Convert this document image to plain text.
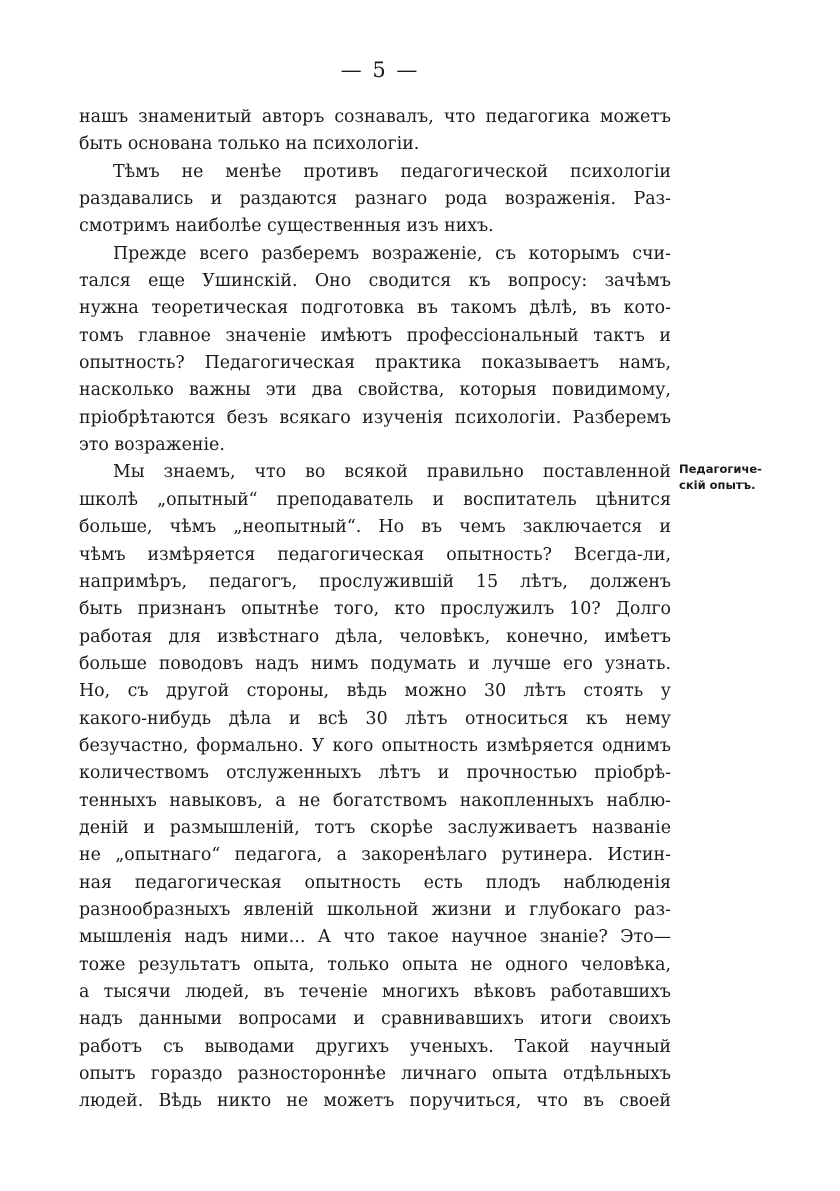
— 5 —
нашъ знаменитый авторъ сознавалъ, что педагогика можетъ
быть основана только на психологіи.
Тѣмъ не менѣе противъ педагогической психологіи
раздавались и раздаются разнаго рода возраженія. Раз-
смотримъ наиболѣе существенныя изъ нихъ.
Прежде всего разберемъ возраженіе, съ которымъ счи-
тался еще Ушинскій. Оно сводится къ вопросу: зачѣмъ
нужна теоретическая подготовка въ такомъ дѣлѣ, въ кото-
томъ главное значеніе имѣютъ профессіональный тактъ и
опытность? Педагогическая практика показываетъ намъ,
насколько важны эти два свойства, которыя повидимому,
пріобрѣтаются безъ всякаго изученія психологіи. Разберемъ
это возраженіе.
Мы знаемъ, что во всякой правильно поставленной
школѣ „опытный“ преподаватель и воспитатель цѣнится
больше, чѣмъ „неопытный“. Но въ чемъ заключается и
чѣмъ измѣряется педагогическая опытность? Всегда-ли,
напримѣръ, педагогъ, прослужившій 15 лѣтъ, долженъ
быть признанъ опытнѣе того, кто прослужилъ 10? Долго
работая для извѣстнаго дѣла, человѣкъ, конечно, имѣетъ
больше поводовъ надъ нимъ подумать и лучше его узнать.
Но, съ другой стороны, вѣдь можно 30 лѣтъ стоять у
какого-нибудь дѣла и всѣ 30 лѣтъ относиться къ нему
безучастно, формально. У кого опытность измѣряется однимъ
количествомъ отслуженныхъ лѣтъ и прочностью пріобрѣ-
тенныхъ навыковъ, а не богатствомъ накопленныхъ наблю-
деній и размышленій, тотъ скорѣе заслуживаетъ названіе
не „опытнаго“ педагога, а закоренѣлаго рутинера. Истин-
ная педагогическая опытность есть плодъ наблюденія
разнообразныхъ явленій школьной жизни и глубокаго раз-
мышленія надъ ними... А что такое научное знаніе? Это—
тоже результатъ опыта, только опыта не одного человѣка,
а тысячи людей, въ теченіе многихъ вѣковъ работавшихъ
надъ данными вопросами и сравнивавшихъ итоги своихъ
работъ съ выводами другихъ ученыхъ. Такой научный
опытъ гораздо разностороннѣе личнаго опыта отдѣльныхъ
людей. Вѣдь никто не можетъ поручиться, что въ своей
Педагогиче-
скій опытъ.
